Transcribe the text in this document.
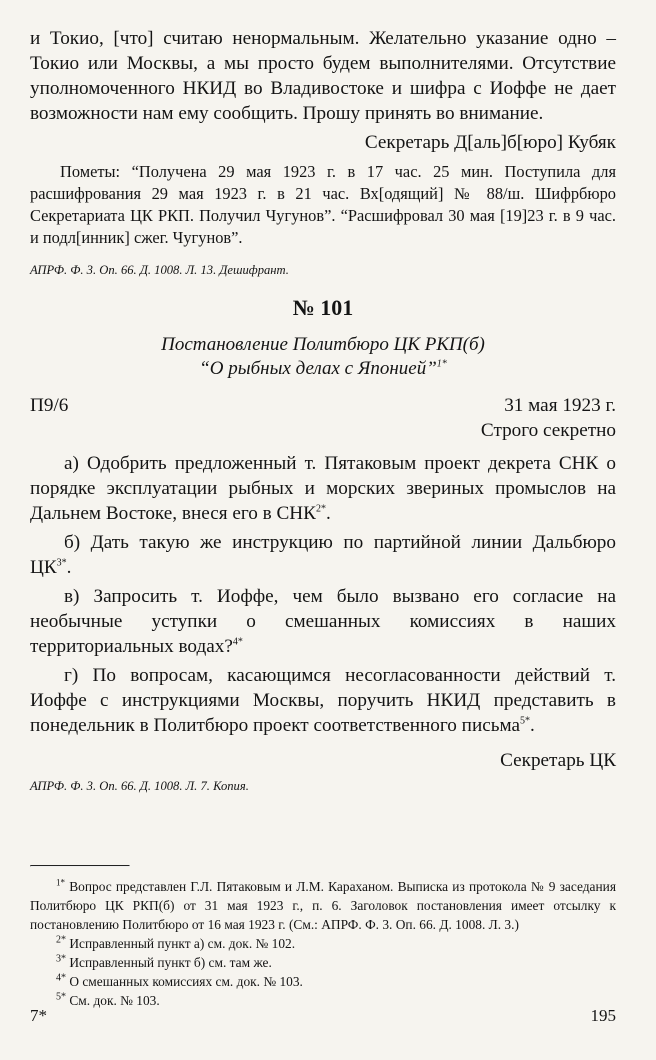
и Токио, [что] считаю ненормальным. Желательно указание одно – Токио или Москвы, а мы просто будем выполнителями. Отсутствие уполномоченного НКИД во Владивостоке и шифра с Иоффе не дает возможности нам ему сообщить. Прошу принять во внимание.

Секретарь Д[аль]б[юро] Кубяк

Пометы: “Получена 29 мая 1923 г. в 17 час. 25 мин. Поступила для расшифрования 29 мая 1923 г. в 21 час. Вх[одящий] № 88/ш. Шифрбюро Секретариата ЦК РКП. Получил Чугунов”. “Расшифровал 30 мая [19]23 г. в 9 час. и подл[инник] сжег. Чугунов”.

АПРФ. Ф. 3. Оп. 66. Д. 1008. Л. 13. Дешифрант.

№ 101

Постановление Политбюро ЦК РКП(б)

“О рыбных делах с Японией”$^{1*}$

П9/6	31 мая 1923 г.

Строго секретно

а) Одобрить предложенный т. Пятаковым проект декрета СНК о порядке эксплуатации рыбных и морских звериных промыслов на Дальнем Востоке, внеся его в $СНК^{2*}$.

б) Дать такую же инструкцию по партийной линии Дальбюро $ЦК^{3*}$.

в) Запросить т. Иоффе, чем было вызвано его согласие на необычные уступки о смешанных комиссиях в наших территориальных водах?$^{4*}$

г) По вопросам, касающимся несогласованности действий т. Иоффе с инструкциями Москвы, поручить НКИД представить в понедельник в Политбюро проект соответственного письма$^{5*}$.

Секретарь ЦК

АПРФ. Ф. 3. Оп. 66. Д. 1008. Л. 7. Копия.

$^{1*}$ Вопрос представлен Г.Л. Пятаковым и Л.М. Караханом. Выписка из протокола № 9 заседания Политбюро ЦК РКП(б) от 31 мая 1923 г., п. 6. Заголовок постановления имеет отсылку к постановлению Политбюро от 16 мая 1923 г. (См.: АПРФ. Ф. 3. Оп. 66. Д. 1008. Л. 3.)

$^{2*}$ Исправленный пункт а) см. док. № 102.

$^{3*}$ Исправленный пункт б) см. там же.

$^{4*}$ О смешанных комиссиях см. док. № 103.

$^{5*}$ См. док. № 103.

7*	195
